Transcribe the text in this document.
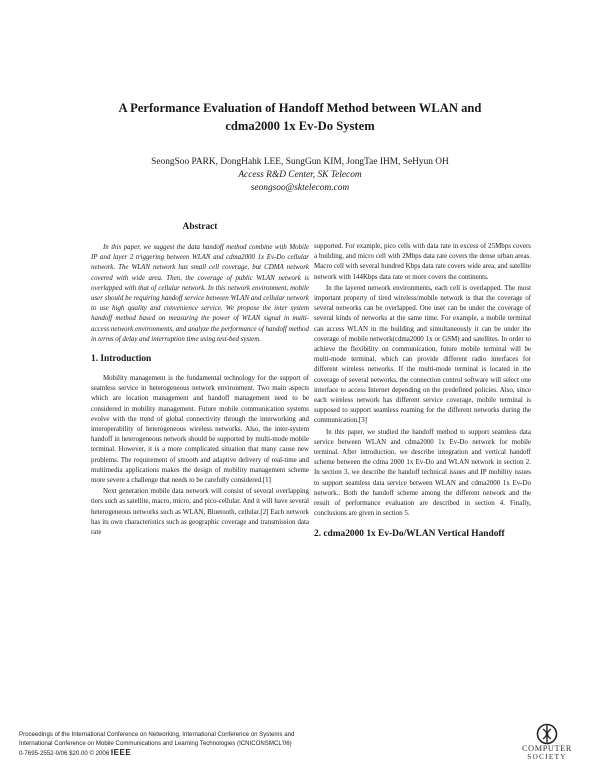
A Performance Evaluation of Handoff Method between WLAN and
cdma2000 1x Ev-Do System
SeongSoo PARK, DongHahk LEE, SungGun KIM, JongTae IHM, SeHyun OH
Access R&D Center, SK Telecom
seongsoo@sktelecom.com
Abstract

In this paper, we suggest the data handoff method combine with Mobile IP and layer 2 triggering between WLAN and cdma2000 1x Ev-Do cellular network. The WLAN network has small cell coverage, but CDMA network covered with wide area. Then, the coverage of public WLAN network is overlapped with that of cellular network. In this network environment, mobile user should be requiring handoff service between WLAN and cellular network to use high quality and convenience service. We propose the inter system handoff method based on measuring the power of WLAN signal in multi-access network environments, and analyze the performance of handoff method in terms of delay and interruption time using test-bed system.

1. Introduction

Mobility management is the fundamental technology for the support of seamless service in heterogeneous network environment. Two main aspects which are location management and handoff management need to be considered in mobility management. Future mobile communication systems evolve with the trend of global connectivity through the interworking and interoperability of heterogeneous wireless networks. Also, the inter-system handoff in heterogeneous network should be supported by multi-mode mobile terminal. However, it is a more complicated situation that many cause new problems. The requirement of smooth and adaptive delivery of real-time and multimedia applications makes the design of mobility management scheme more severe a challenge that needs to be carefully considered.[1]

Next generation mobile data network will consist of several overlapping tiers such as satellite, macro, micro, and pico-cellular. And it will have several heterogeneous networks such as WLAN, Bluetooth, cellular.[2] Each network has its own characteristics such as geographic coverage and transmission data rate

supported. For example, pico cells with data rate in excess of 25Mbps covers a building, and micro cell with 2Mbps data rate covers the dense urban areas. Macro cell with several hundred Kbps data rate covers wide area, and satellite network with 144Kbps data rate or more covers the continents.

In the layered network environments, each cell is overlapped. The most important property of tired wireless/mobile network is that the coverage of several networks can be overlapped. One user can be under the coverage of several kinds of networks at the same time. For example, a mobile terminal can access WLAN in the building and simultaneously it can be under the coverage of mobile network(cdma2000 1x or GSM) and satellites. In order to achieve the flexibility on communication, future mobile terminal will be multi-mode terminal, which can provide different radio interfaces for different wireless networks. If the multi-mode terminal is located in the coverage of several networks, the connection control software will select one interface to access Internet depending on the predefined policies. Also, since each wireless network has different service coverage, mobile terminal is supposed to support seamless roaming for the different networks during the communication.[3]

In this paper, we studied the handoff method to support seamless data service between WLAN and cdma2000 1x Ev-Do network for mobile terminal. After introduction, we describe integration and vertical handoff scheme between the cdma 2000 1x Ev-Do and WLAN network in section 2. In section 3, we describe the handoff technical issues and IP mobility issues to support seamless data service between WLAN and cdma2000 1x Ev-Do network.. Both the handoff scheme among the different network and the result of performance evaluation are described in section 4. Finally, conclusions are given in section 5.

2. cdma2000 1x Ev-Do/WLAN Vertical Handoff
Proceedings of the International Conference on Networking, International Conference on Systems and
International Conference on Mobile Communications and Learning Technologies (ICNICONSMCL'06)
0-7695-2552-0/06 $20.00 © 2006 IEEE	COMPUTER
SOCIETY
